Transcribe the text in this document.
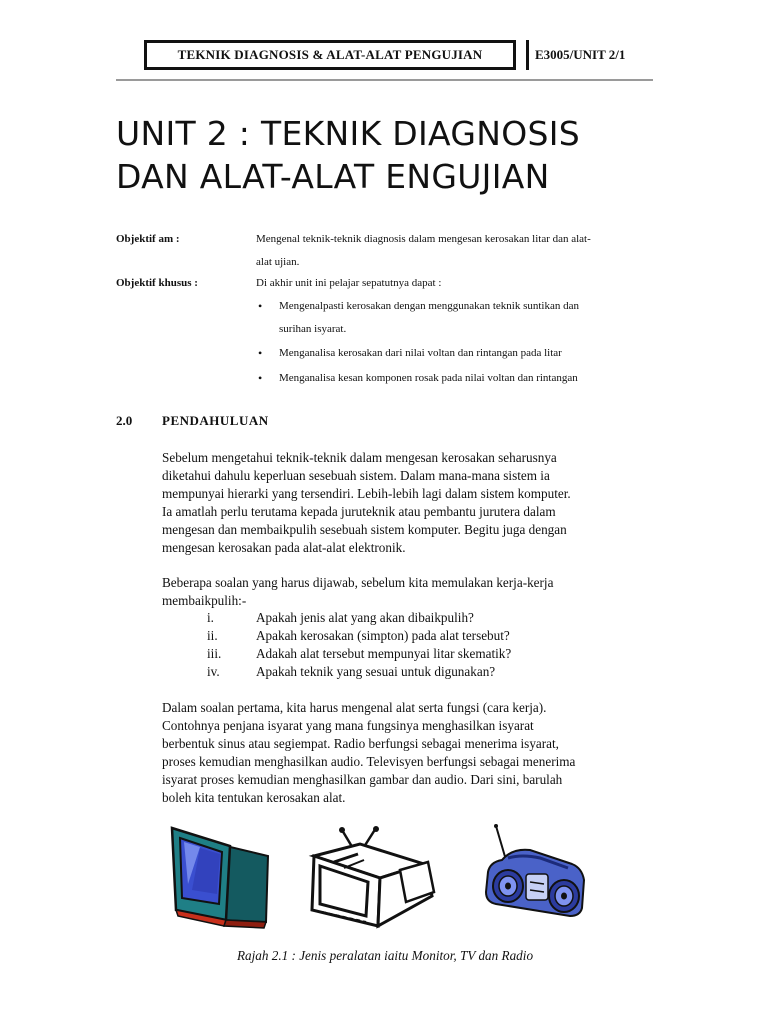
TEKNIK DIAGNOSIS & ALAT-ALAT PENGUJIAN	E3005/UNIT 2/1
UNIT 2 : TEKNIK DIAGNOSIS
DAN ALAT-ALAT ENGUJIAN
Objektif am :	Mengenal teknik-teknik diagnosis dalam mengesan kerosakan litar dan alat-
alat ujian.
Objektif khusus :	Di akhir unit ini pelajar sepatutnya dapat :
• Mengenalpasti kerosakan dengan menggunakan teknik suntikan dan
surihan isyarat.
• Menganalisa kerosakan dari nilai voltan dan rintangan pada litar
• Menganalisa kesan komponen rosak pada nilai voltan dan rintangan
2.0 PENDAHULUAN
Sebelum mengetahui teknik-teknik dalam mengesan kerosakan seharusnya
diketahui dahulu keperluan sesebuah sistem. Dalam mana-mana sistem ia
mempunyai hierarki yang tersendiri. Lebih-lebih lagi dalam sistem komputer.
Ia amatlah perlu terutama kepada juruteknik atau pembantu jurutera dalam
mengesan dan membaikpulih sesebuah sistem komputer. Begitu juga dengan
mengesan kerosakan pada alat-alat elektronik.
Beberapa soalan yang harus dijawab, sebelum kita memulakan kerja-kerja
membaikpulih:-
i.	Apakah jenis alat yang akan dibaikpulih?
ii.	Apakah kerosakan (simpton) pada alat tersebut?
iii.	Adakah alat tersebut mempunyai litar skematik?
iv.	Apakah teknik yang sesuai untuk digunakan?
Dalam soalan pertama, kita harus mengenal alat serta fungsi (cara kerja).
Contohnya penjana isyarat yang mana fungsinya menghasilkan isyarat
berbentuk sinus atau segiempat. Radio berfungsi sebagai menerima isyarat,
proses kemudian menghasilkan audio. Televisyen berfungsi sebagai menerima
isyarat proses kemudian menghasilkan gambar dan audio. Dari sini, barulah
boleh kita tentukan kerosakan alat.
Rajah 2.1 : Jenis peralatan iaitu Monitor, TV dan Radio
